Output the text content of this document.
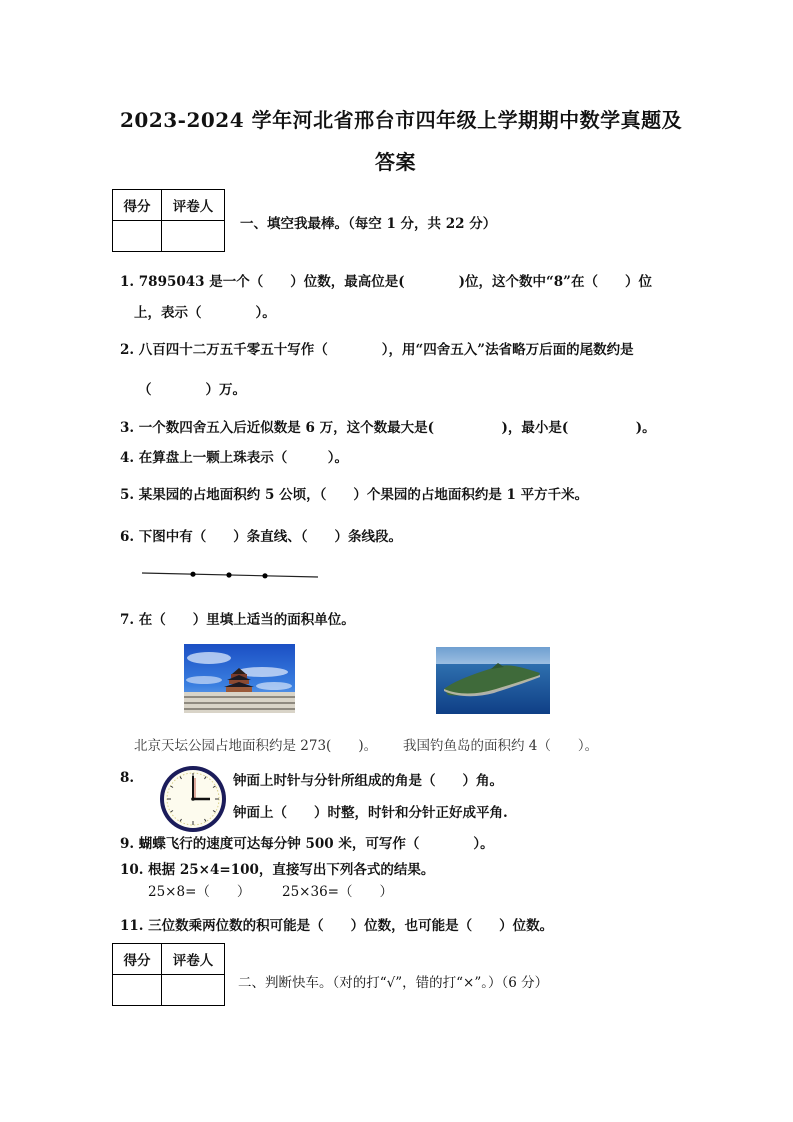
2023-2024 学年河北省邢台市四年级上学期期中数学真题及
答案
得分	评卷人

一、填空我最棒。（每空 1 分，共 22 分）
1. 7895043 是一个（　　）位数，最高位是(　　　　)位，这个数中“8”在（　　）位
上，表示（　　　　）。
2. 八百四十二万五千零五十写作（　　　　），用“四舍五入”法省略万后面的尾数约是
（　　　　）万。
3. 一个数四舍五入后近似数是 6 万，这个数最大是(　　　　　)，最小是(　　　　　)。
4. 在算盘上一颗上珠表示（　　　）。
5. 某果园的占地面积约 5 公顷，（　　）个果园的占地面积约是 1 平方千米。
6. 下图中有（　　）条直线、（　　）条线段。
7. 在（　　）里填上适当的面积单位。
北京天坛公园占地面积约是 273(　　)。 我国钓鱼岛的面积约 4（　　）。
8.	钟面上时针与分针所组成的角是（　　）角。
钟面上（　　）时整，时针和分针正好成平角.
9. 蝴蝶飞行的速度可达每分钟 500 米，可写作（　　　　）。
10. 根据 25×4=100，直接写出下列各式的结果。
25×8=（　　） 25×36=（　　）
11. 三位数乘两位数的积可能是（　　）位数，也可能是（　　）位数。
得分	评卷人

二、判断快车。（对的打“√”，错的打“×”。）（6 分）
